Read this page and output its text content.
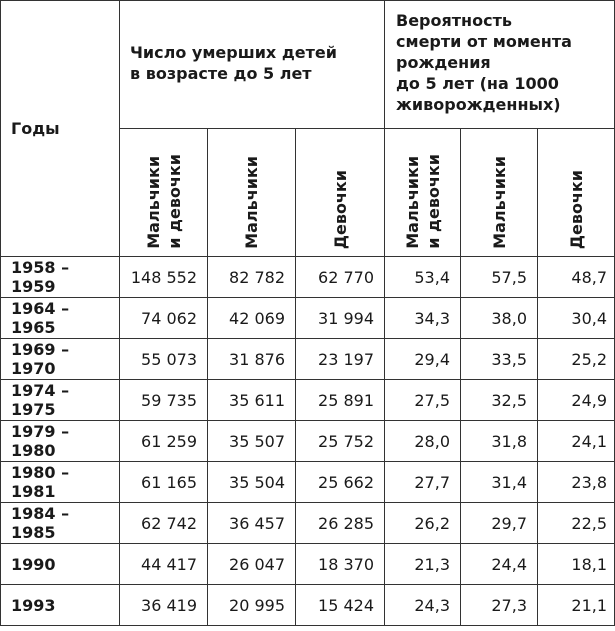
Годы	Число умерших детей
в возрасте до 5 лет			Вероятность
смерти от момента
рождения
до 5 лет (на 1000
живорожденных)		

	Мальчики
и девочки	Мальчики	Девочки	Мальчики
и девочки	Мальчики	Девочки

1958 – 1959	148 552	82 782	62 770	53,4	57,5	48,7
1964 – 1965	74 062	42 069	31 994	34,3	38,0	30,4
1969 – 1970	55 073	31 876	23 197	29,4	33,5	25,2
1974 – 1975	59 735	35 611	25 891	27,5	32,5	24,9
1979 – 1980	61 259	35 507	25 752	28,0	31,8	24,1
1980 – 1981	61 165	35 504	25 662	27,7	31,4	23,8
1984 – 1985	62 742	36 457	26 285	26,2	29,7	22,5
1990	44 417	26 047	18 370	21,3	24,4	18,1
1993	36 419	20 995	15 424	24,3	27,3	21,1
